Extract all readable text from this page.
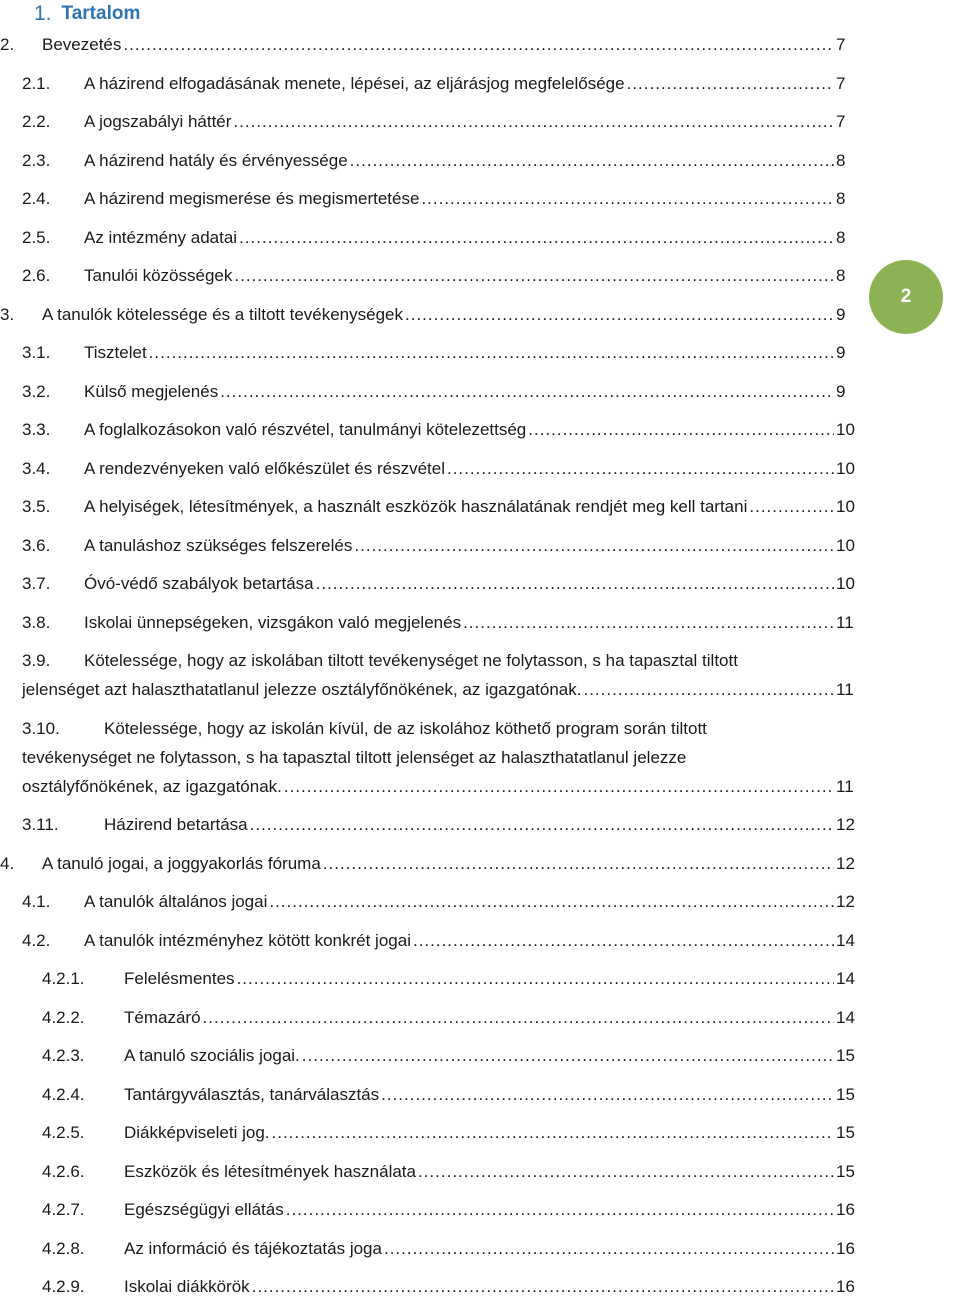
1. Tartalom
2.	Bevezetés .....	7
2.1.	A házirend elfogadásának menete, lépései, az eljárásjog megfelelősége .....	7
2.2.	A jogszabályi háttér .....	7
2.3.	A házirend hatály és érvényessége .....	8
2.4.	A házirend megismerése és megismertetése .....	8
2.5.	Az intézmény adatai .....	8
2.6.	Tanulói közösségek .....	8
3.	A tanulók kötelessége és a tiltott tevékenységek .....	9
3.1.	Tisztelet .....	9
3.2.	Külső megjelenés .....	9
3.3.	A foglalkozásokon való részvétel, tanulmányi kötelezettség .....	10
3.4.	A rendezvényeken való előkészület és részvétel .....	10
3.5.	A helyiségek, létesítmények, a használt eszközök használatának rendjét meg kell tartani .....	10
3.6.	A tanuláshoz szükséges felszerelés .....	10
3.7.	Óvó-védő szabályok betartása .....	10
3.8.	Iskolai ünnepségeken, vizsgákon való megjelenés .....	11
3.9.	Kötelessége, hogy az iskolában tiltott tevékenységet ne folytasson, s ha tapasztal tiltott
jelenséget azt halaszthatatlanul jelezze osztályfőnökének, az igazgatónak. .....	11
3.10.	Kötelessége, hogy az iskolán kívül, de az iskolához köthető program során tiltott
tevékenységet ne folytasson, s ha tapasztal tiltott jelenséget az halaszthatatlanul jelezze
osztályfőnökének, az igazgatónak. .....	11
3.11.	Házirend betartása .....	12
4.	A tanuló jogai, a joggyakorlás fóruma .....	12
4.1.	A tanulók általános jogai .....	12
4.2.	A tanulók intézményhez kötött konkrét jogai .....	14
4.2.1.	Felelésmentes .....	14
4.2.2.	Témazáró .....	14
4.2.3.	A tanuló szociális jogai. .....	15
4.2.4.	Tantárgyválasztás, tanárválasztás .....	15
4.2.5.	Diákképviseleti jog. .....	15
4.2.6.	Eszközök és létesítmények használata .....	15
4.2.7.	Egészségügyi ellátás .....	16
4.2.8.	Az információ és tájékoztatás joga .....	16
4.2.9.	Iskolai diákkörök .....	16
2
